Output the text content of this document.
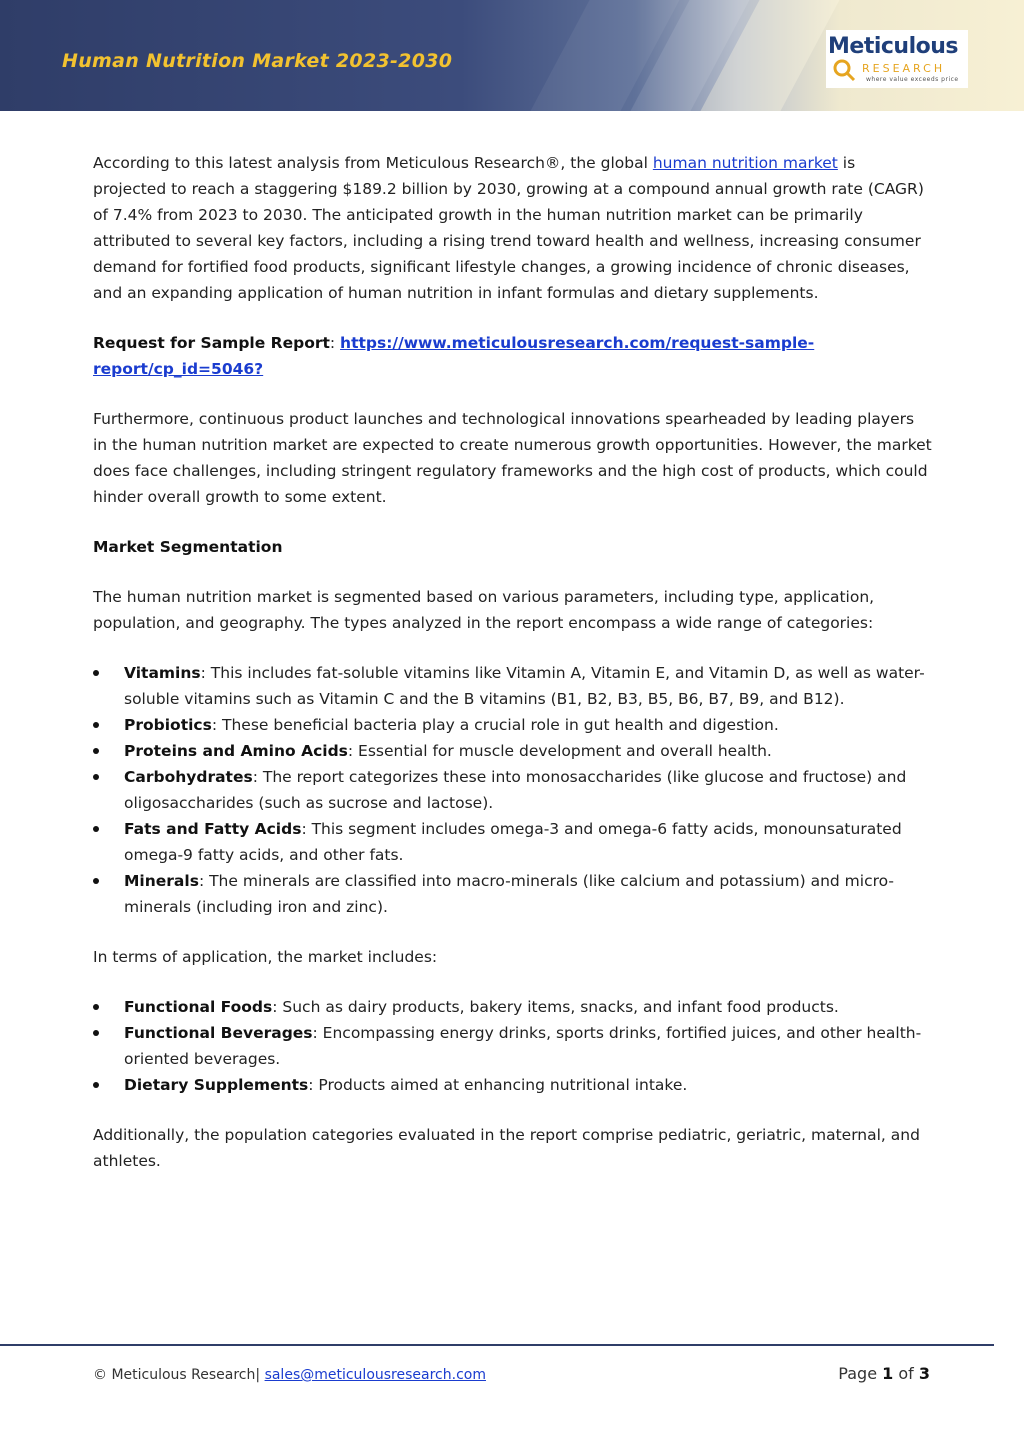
Human Nutrition Market 2023-2030
Meticulous
RESEARCH
where value exceeds price

According to this latest analysis from Meticulous Research®, the global human nutrition market is projected to reach a staggering $189.2 billion by 2030, growing at a compound annual growth rate (CAGR) of 7.4% from 2023 to 2030. The anticipated growth in the human nutrition market can be primarily attributed to several key factors, including a rising trend toward health and wellness, increasing consumer demand for fortified food products, significant lifestyle changes, a growing incidence of chronic diseases, and an expanding application of human nutrition in infant formulas and dietary supplements.

Request for Sample Report: https://www.meticulousresearch.com/request-sample-report/cp_id=5046?

Furthermore, continuous product launches and technological innovations spearheaded by leading players in the human nutrition market are expected to create numerous growth opportunities. However, the market does face challenges, including stringent regulatory frameworks and the high cost of products, which could hinder overall growth to some extent.

Market Segmentation

The human nutrition market is segmented based on various parameters, including type, application, population, and geography. The types analyzed in the report encompass a wide range of categories:

Vitamins: This includes fat-soluble vitamins like Vitamin A, Vitamin E, and Vitamin D, as well as water-soluble vitamins such as Vitamin C and the B vitamins (B1, B2, B3, B5, B6, B7, B9, and B12).
Probiotics: These beneficial bacteria play a crucial role in gut health and digestion.
Proteins and Amino Acids: Essential for muscle development and overall health.
Carbohydrates: The report categorizes these into monosaccharides (like glucose and fructose) and oligosaccharides (such as sucrose and lactose).
Fats and Fatty Acids: This segment includes omega-3 and omega-6 fatty acids, monounsaturated omega-9 fatty acids, and other fats.
Minerals: The minerals are classified into macro-minerals (like calcium and potassium) and micro-minerals (including iron and zinc).

In terms of application, the market includes:

Functional Foods: Such as dairy products, bakery items, snacks, and infant food products.
Functional Beverages: Encompassing energy drinks, sports drinks, fortified juices, and other health-oriented beverages.
Dietary Supplements: Products aimed at enhancing nutritional intake.

Additionally, the population categories evaluated in the report comprise pediatric, geriatric, maternal, and athletes.

© Meticulous Research| sales@meticulousresearch.com	Page 1 of 3
